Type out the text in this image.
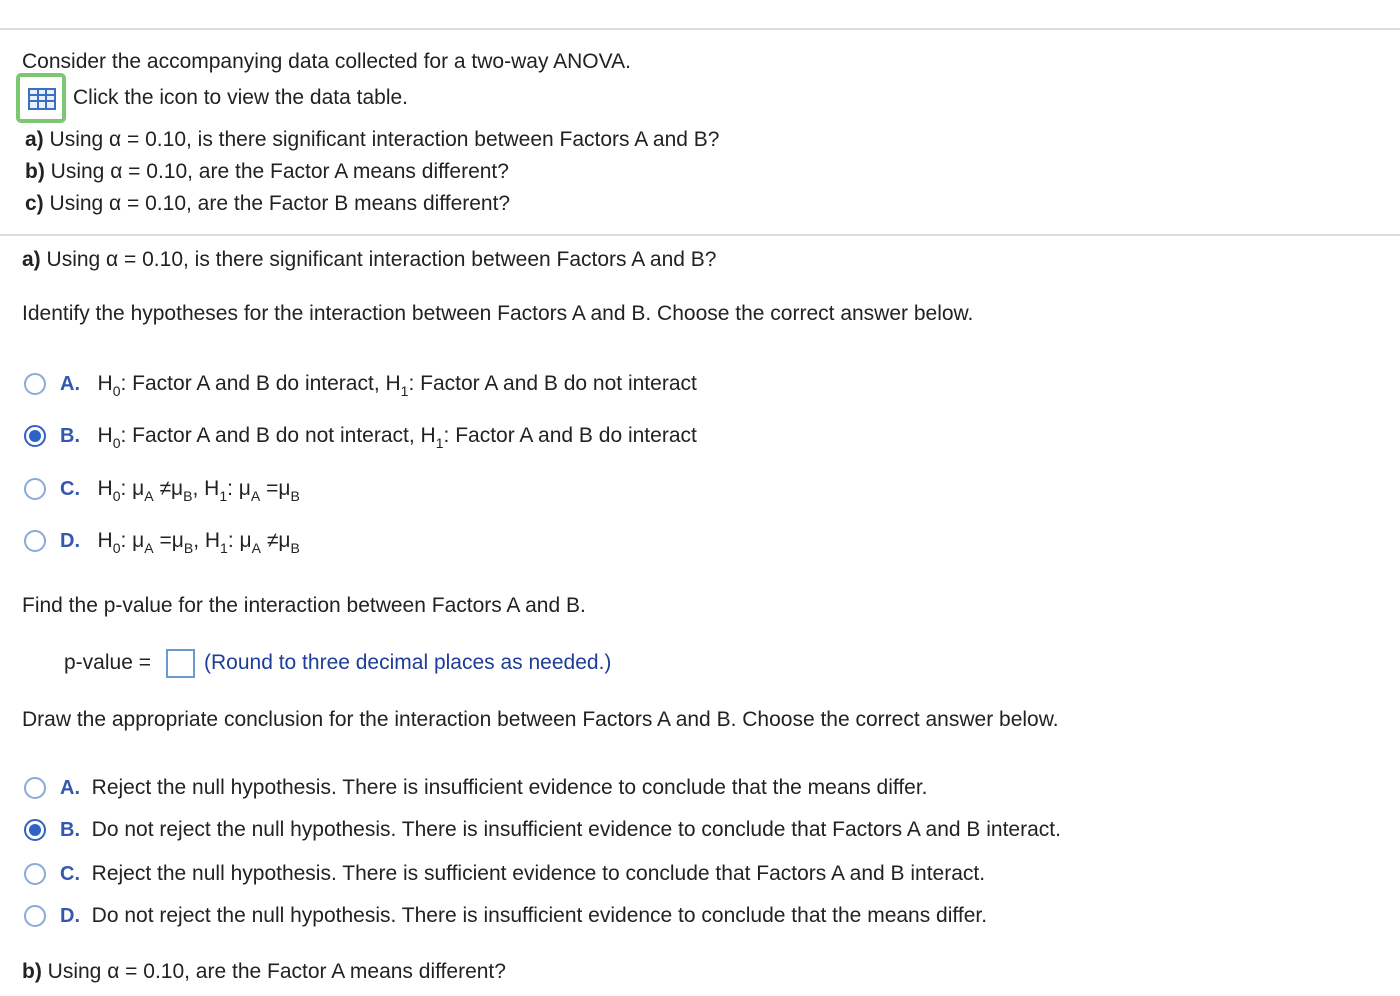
Consider the accompanying data collected for a two-way ANOVA.
Click the icon to view the data table.
a) Using α = 0.10, is there significant interaction between Factors A and B?
b) Using α = 0.10, are the Factor A means different?
c) Using α = 0.10, are the Factor B means different?
a) Using α = 0.10, is there significant interaction between Factors A and B?
Identify the hypotheses for the interaction between Factors A and B. Choose the correct answer below.
A. $H_0$: Factor A and B do interact, $H_1$: Factor A and B do not interact
B. $H_0$: Factor A and B do not interact, $H_1$: Factor A and B do interact
C. $H_0$: $\mu_A \ne\mu_B$, $H_1$: $\mu_A =\mu_B$
D. $H_0$: $\mu_A =\mu_B$, $H_1$: $\mu_A \ne\mu_B$
Find the p-value for the interaction between Factors A and B.
p-value =	(Round to three decimal places as needed.)
Draw the appropriate conclusion for the interaction between Factors A and B. Choose the correct answer below.
A. Reject the null hypothesis. There is insufficient evidence to conclude that the means differ.
B. Do not reject the null hypothesis. There is insufficient evidence to conclude that Factors A and B interact.
C. Reject the null hypothesis. There is sufficient evidence to conclude that Factors A and B interact.
D. Do not reject the null hypothesis. There is insufficient evidence to conclude that the means differ.
b) Using α = 0.10, are the Factor A means different?
